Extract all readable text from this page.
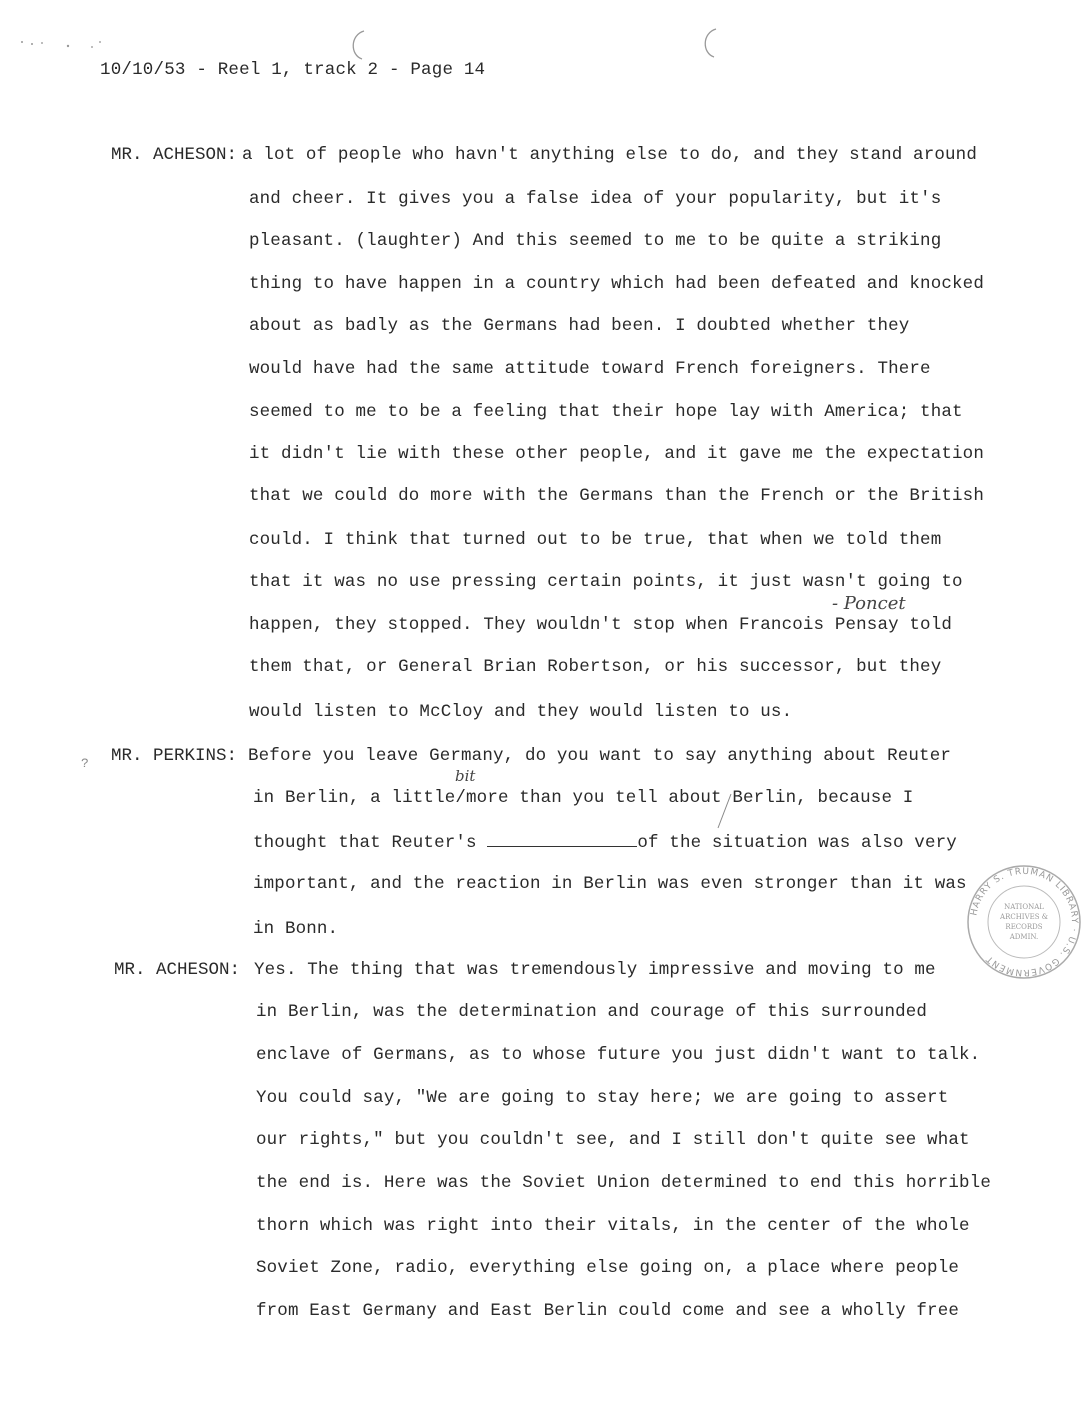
10/10/53 - Reel 1, track 2 - Page 14
MR. ACHESON: a lot of people who havn't anything else to do, and they stand around
and cheer. It gives you a false idea of your popularity, but it's
pleasant. (laughter) And this seemed to me to be quite a striking
thing to have happen in a country which had been defeated and knocked
about as badly as the Germans had been. I doubted whether they
would have had the same attitude toward French foreigners. There
seemed to me to be a feeling that their hope lay with America; that
it didn't lie with these other people, and it gave me the expectation
that we could do more with the Germans than the French or the British
could. I think that turned out to be true, that when we told them
that it was no use pressing certain points, it just wasn't going to
happen, they stopped. They wouldn't stop when Francois Pensay told
them that, or General Brian Robertson, or his successor, but they
would listen to McCloy and they would listen to us.
- Poncet
? MR. PERKINS: Before you leave Germany, do you want to say anything about Reuter
bit
in Berlin, a little/more than you tell about Berlin, because I
thought that Reuter's	of the situation was also very
important, and the reaction in Berlin was even stronger than it was
in Bonn.
MR. ACHESON: Yes. The thing that was tremendously impressive and moving to me
in Berlin, was the determination and courage of this surrounded
enclave of Germans, as to whose future you just didn't want to talk.
You could say, "We are going to stay here; we are going to assert
our rights," but you couldn't see, and I still don't quite see what
the end is. Here was the Soviet Union determined to end this horrible
thorn which was right into their vitals, in the center of the whole
Soviet Zone, radio, everything else going on, a place where people
from East Germany and East Berlin could come and see a wholly free
HARRY S. TRUMAN LIBRARY · U.S. GOVERNMENT
NATIONAL
ARCHIVES &
RECORDS
ADMIN.
